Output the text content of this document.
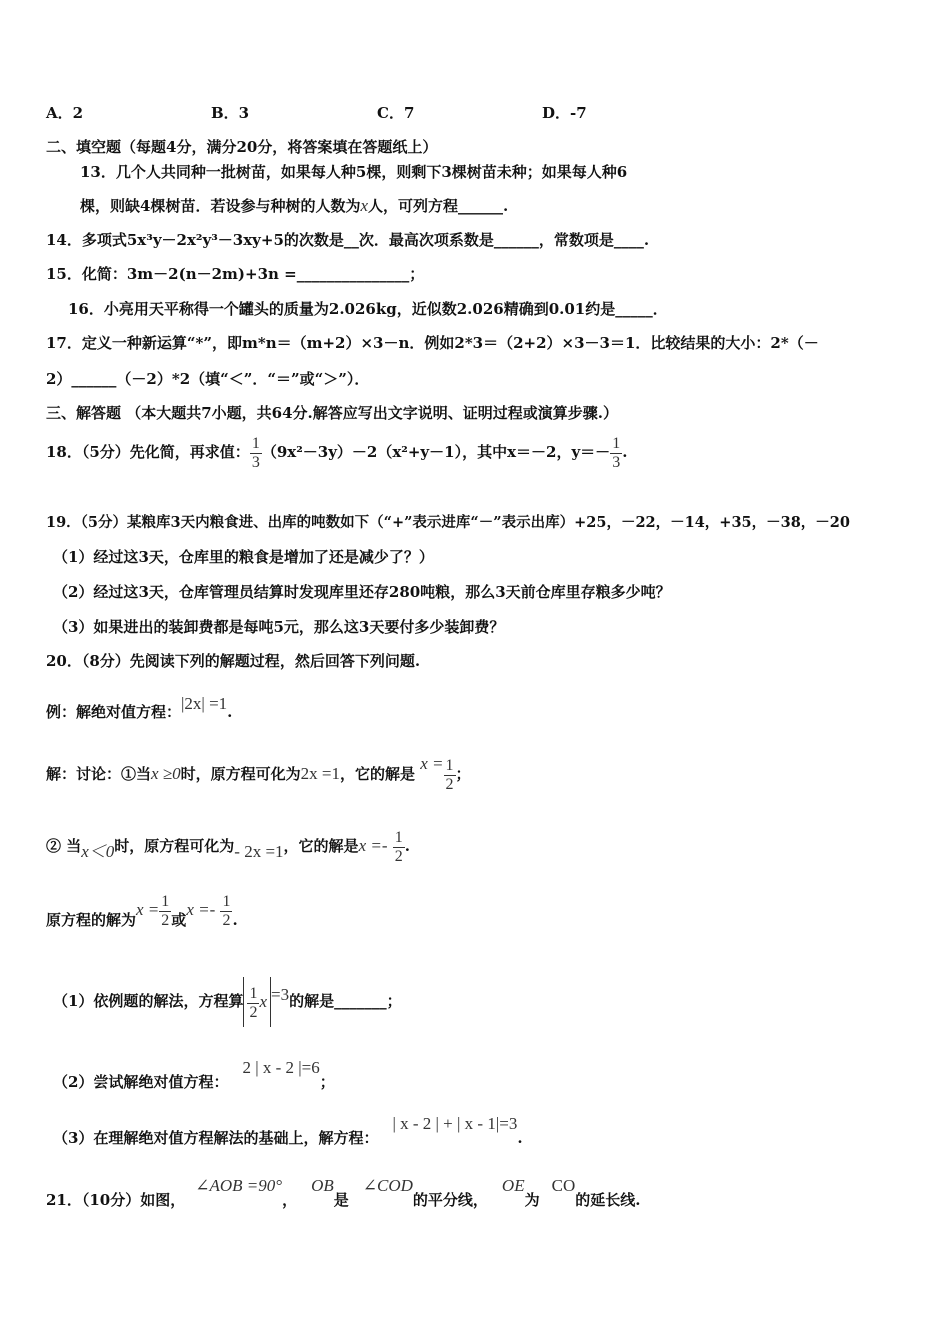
A．2	B．3	C．7	D．-7
二、填空题（每题4分，满分20分，将答案填在答题纸上）
13．几个人共同种一批树苗，如果每人种5棵，则剩下3棵树苗未种；如果每人种6
棵，则缺4棵树苗．若设参与种树的人数为x人，可列方程______.
14．多项式5x³y－2x²y³－3xy+5的次数是__次．最高次项系数是______，常数项是____.
15．化简：3m－2(n－2m)+3n =_______________；
16．小亮用天平称得一个罐头的质量为2.026kg，近似数2.026精确到0.01约是_____．
17．定义一种新运算“*”，即m*n＝（m+2）×3－n．例如2*3＝（2+2）×3－3＝1．比较结果的大小：2*（－
2）______（－2）*2（填“＜”．“＝”或“＞”）．
三、解答题 （本大题共7小题，共64分.解答应写出文字说明、证明过程或演算步骤.）
18．（5分）先化简，再求值： $\frac{1}{3} (9x^2-3y)-2(x^2+y-1)$，其中x＝－2，$y=- \frac{1}{3}$ .
19．（5分）某粮库3天内粮食进、出库的吨数如下（“+”表示进库“－”表示出库）+25，－22，－14，+35，－38，－20
（1）经过这3天，仓库里的粮食是增加了还是减少了？）
（2）经过这3天，仓库管理员结算时发现库里还存280吨粮，那么3天前仓库里存粮多少吨？
（3）如果进出的装卸费都是每吨5元，那么这3天要付多少装卸费？
20．（8分）先阅读下列的解题过程，然后回答下列问题.
例：解绝对值方程：|2x| =1.
解：讨论：①当x ≥0时，原方程可化为2x =1，它的解是 $x = \frac{1}{2}$ ；
② 当x＜0时，原方程可化为- 2x =1，它的解是$x =- \frac{1}{2}$ .
原方程的解为$x = \frac{1}{2}$ 或$x =- \frac{1}{2}$ .
（1）依例题的解法，方程算 $\frac{1}{2}$ x =3的解是_______；
（2）尝试解绝对值方程：2 | x - 2 |=6；
（3）在理解绝对值方程解法的基础上，解方程：| x - 2 | + | x - 1|=3.
21．（10分）如图，∠AOB =90°，OB是∠COD的平分线，OE为CO的延长线.
